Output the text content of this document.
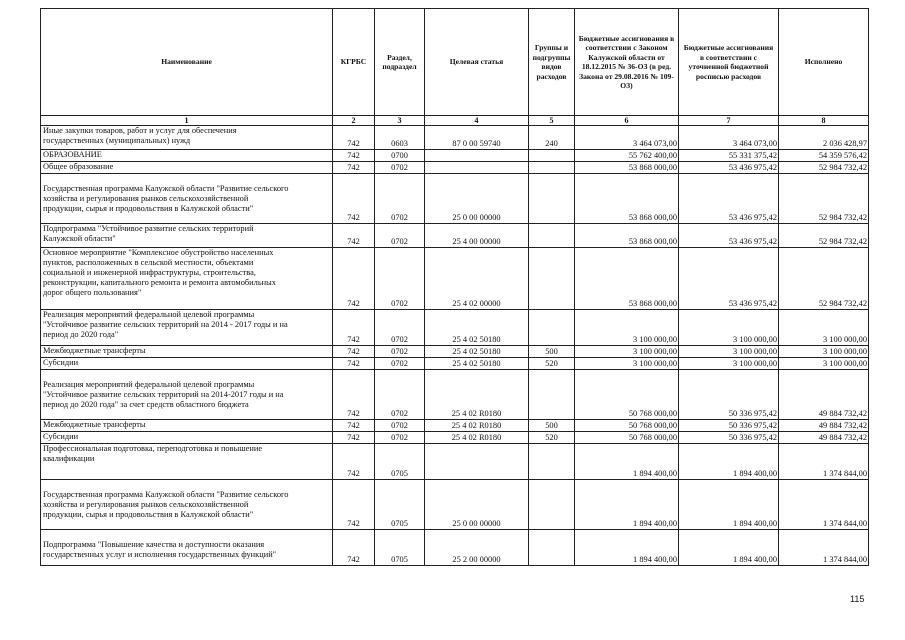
Наименование	КГРБС	Раздел, подраздел	Целевая статья	Группы и подгруппы видов расходов	Бюджетные ассигнования в соответствии с Законом Калужской области от 18.12.2015 № 36-ОЗ (в ред. Закона от 29.08.2016 № 109-ОЗ)	Бюджетные ассигнования в соответствии с уточненной бюджетной росписью расходов	Исполнено
1	2	3	4	5	6	7	8
Иные закупки товаров, работ и услуг для обеспечения
государственных (муниципальных) нужд	742	0603	87 0 00 59740	240	3 464 073,00	3 464 073,00	2 036 428,97
ОБРАЗОВАНИЕ	742	0700			55 762 400,00	55 331 375,42	54 359 576,42
Общее образование	742	0702			53 868 000,00	53 436 975,42	52 984 732,42

Государственная программа Калужской области "Развитие сельского
хозяйства и регулирования рынков сельскохозяйственной
продукции, сырья и продовольствия в Калужской области"	742	0702	25 0 00 00000		53 868 000,00	53 436 975,42	52 984 732,42
Подпрограмма "Устойчивое развитие сельских территорий
Калужской области"	742	0702	25 4 00 00000		53 868 000,00	53 436 975,42	52 984 732,42
Основное мероприятие "Комплексное обустройство населенных
пунктов, расположенных в сельской местности, объектами
социальной и инженерной инфраструктуры, строительства,
реконструкции, капитального ремонта и ремонта автомобильных
дорог общего пользования"	742	0702	25 4 02 00000		53 868 000,00	53 436 975,42	52 984 732,42
Реализация мероприятий федеральной целевой программы
"Устойчивое развитие сельских территорий на 2014 - 2017 годы и на
период до 2020 года"	742	0702	25 4 02 50180		3 100 000,00	3 100 000,00	3 100 000,00
Межбюджетные трансферты	742	0702	25 4 02 50180	500	3 100 000,00	3 100 000,00	3 100 000,00
Субсидии	742	0702	25 4 02 50180	520	3 100 000,00	3 100 000,00	3 100 000,00

Реализация мероприятий федеральной целевой программы
"Устойчивое развитие сельских территорий на 2014-2017 годы и на
период до 2020 года" за счет средств областного бюджета	742	0702	25 4 02 R0180		50 768 000,00	50 336 975,42	49 884 732,42
Межбюджетные трансферты	742	0702	25 4 02 R0180	500	50 768 000,00	50 336 975,42	49 884 732,42
Субсидии	742	0702	25 4 02 R0180	520	50 768 000,00	50 336 975,42	49 884 732,42
Профессиональная подготовка, переподготовка и повышение
квалификации	742	0705			1 894 400,00	1 894 400,00	1 374 844,00

Государственная программа Калужской области "Развитие сельского
хозяйства и регулирования рынков сельскохозяйственной
продукции, сырья и продовольствия в Калужской области"	742	0705	25 0 00 00000		1 894 400,00	1 894 400,00	1 374 844,00

Подпрограмма "Повышение качества и доступности оказания
государственных услуг и исполнения государственных функций"	742	0705	25 2 00 00000		1 894 400,00	1 894 400,00	1 374 844,00
115
